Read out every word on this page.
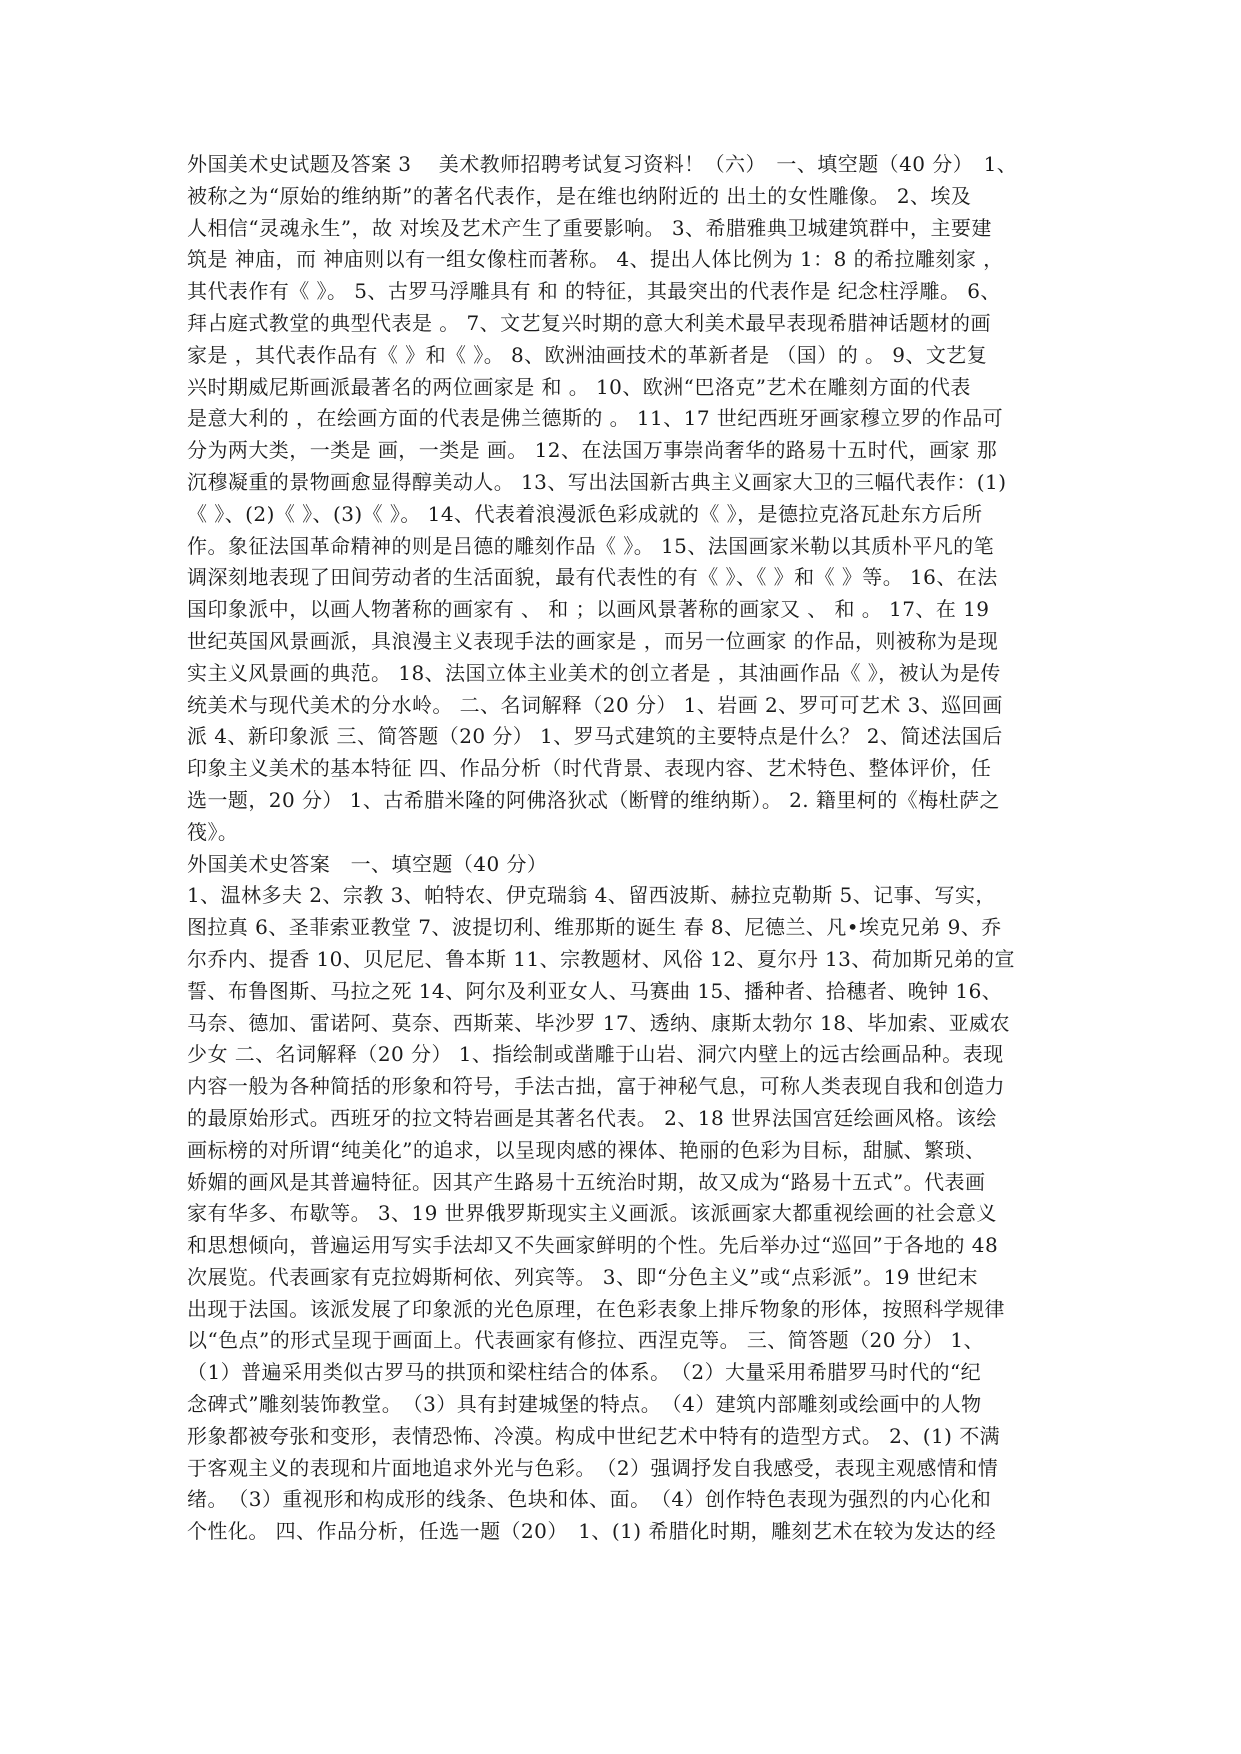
外国美术史试题及答案 3　 美术教师招聘考试复习资料！（六）　一、填空题（40 分）　1、
被称之为“原始的维纳斯”的著名代表作，是在维也纳附近的 出土的女性雕像。 2、埃及
人相信“灵魂永生”，故 对埃及艺术产生了重要影响。 3、希腊雅典卫城建筑群中，主要建
筑是 神庙，而 神庙则以有一组女像柱而著称。 4、提出人体比例为 1：8 的希拉雕刻家 ，
其代表作有《 》。 5、古罗马浮雕具有 和 的特征，其最突出的代表作是 纪念柱浮雕。 6、
拜占庭式教堂的典型代表是 。 7、文艺复兴时期的意大利美术最早表现希腊神话题材的画
家是 ，其代表作品有《 》和《 》。 8、欧洲油画技术的革新者是 （国）的 。 9、文艺复
兴时期威尼斯画派最著名的两位画家是 和 。 10、欧洲“巴洛克”艺术在雕刻方面的代表
是意大利的 ，在绘画方面的代表是佛兰德斯的 。 11、17 世纪西班牙画家穆立罗的作品可
分为两大类，一类是 画，一类是 画。 12、在法国万事崇尚奢华的路易十五时代，画家 那
沉穆凝重的景物画愈显得醇美动人。 13、写出法国新古典主义画家大卫的三幅代表作：(1)
《 》、(2)《 》、(3)《 》。 14、代表着浪漫派色彩成就的《 》，是德拉克洛瓦赴东方后所
作。象征法国革命精神的则是吕德的雕刻作品《 》。 15、法国画家米勒以其质朴平凡的笔
调深刻地表现了田间劳动者的生活面貌，最有代表性的有《 》、《 》和《 》等。 16、在法
国印象派中，以画人物著称的画家有 、 和 ；以画风景著称的画家又 、 和 。 17、在 19
世纪英国风景画派，具浪漫主义表现手法的画家是 ，而另一位画家 的作品，则被称为是现
实主义风景画的典范。 18、法国立体主业美术的创立者是 ，其油画作品《 》，被认为是传
统美术与现代美术的分水岭。 二、名词解释（20 分） 1、岩画 2、罗可可艺术 3、巡回画
派 4、新印象派 三、简答题（20 分） 1、罗马式建筑的主要特点是什么？ 2、简述法国后
印象主义美术的基本特征 四、作品分析（时代背景、表现内容、艺术特色、整体评价，任
选一题，20 分） 1、古希腊米隆的阿佛洛狄忒（断臂的维纳斯）。 2. 籍里柯的《梅杜萨之
筏》。
外国美术史答案　一、填空题（40 分）
1、温林多夫 2、宗教 3、帕特农、伊克瑞翁 4、留西波斯、赫拉克勒斯 5、记事、写实，
图拉真 6、圣菲索亚教堂 7、波提切利、维那斯的诞生 春 8、尼德兰、凡•埃克兄弟 9、乔
尔乔内、提香 10、贝尼尼、鲁本斯 11、宗教题材、风俗 12、夏尔丹 13、荷加斯兄弟的宣
誓、布鲁图斯、马拉之死 14、阿尔及利亚女人、马赛曲 15、播种者、拾穗者、晚钟 16、
马奈、德加、雷诺阿、莫奈、西斯莱、毕沙罗 17、透纳、康斯太勃尔 18、毕加索、亚威农
少女 二、名词解释（20 分） 1、指绘制或凿雕于山岩、洞穴内壁上的远古绘画品种。表现
内容一般为各种简括的形象和符号，手法古拙，富于神秘气息，可称人类表现自我和创造力
的最原始形式。西班牙的拉文特岩画是其著名代表。 2、18 世界法国宫廷绘画风格。该绘
画标榜的对所谓“纯美化”的追求，以呈现肉感的裸体、艳丽的色彩为目标，甜腻、繁琐、
娇媚的画风是其普遍特征。因其产生路易十五统治时期，故又成为“路易十五式”。代表画
家有华多、布歇等。 3、19 世界俄罗斯现实主义画派。该派画家大都重视绘画的社会意义
和思想倾向，普遍运用写实手法却又不失画家鲜明的个性。先后举办过“巡回”于各地的 48
次展览。代表画家有克拉姆斯柯依、列宾等。 3、即“分色主义”或“点彩派”。19 世纪末
出现于法国。该派发展了印象派的光色原理，在色彩表象上排斥物象的形体，按照科学规律
以“色点”的形式呈现于画面上。代表画家有修拉、西涅克等。 三、简答题（20 分） 1、
（1）普遍采用类似古罗马的拱顶和梁柱结合的体系。　（2）大量采用希腊罗马时代的“纪
念碑式”雕刻装饰教堂。　（3）具有封建城堡的特点。　（4）建筑内部雕刻或绘画中的人物
形象都被夸张和变形，表情恐怖、冷漠。构成中世纪艺术中特有的造型方式。 2、(1) 不满
于客观主义的表现和片面地追求外光与色彩。　（2）强调抒发自我感受，表现主观感情和情
绪。　（3）重视形和构成形的线条、色块和体、面。　（4）创作特色表现为强烈的内心化和
个性化。 四、作品分析，任选一题（20）　1、(1) 希腊化时期，雕刻艺术在较为发达的经
